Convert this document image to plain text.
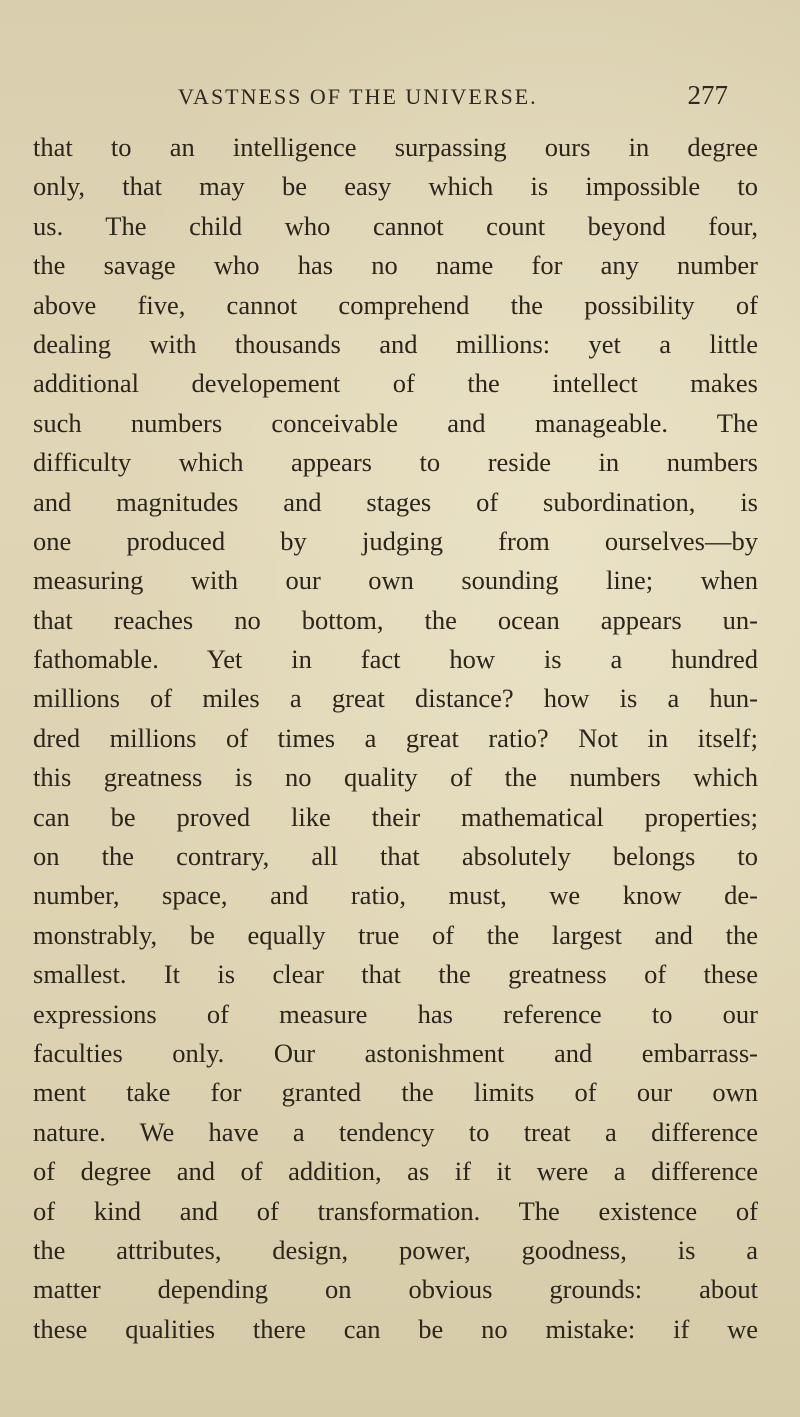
VASTNESS OF THE UNIVERSE.	277
that to an intelligence surpassing ours in degree
only, that may be easy which is impossible to
us. The child who cannot count beyond four,
the savage who has no name for any number
above five, cannot comprehend the possibility of
dealing with thousands and millions: yet a little
additional developement of the intellect makes
such numbers conceivable and manageable. The
difficulty which appears to reside in numbers
and magnitudes and stages of subordination, is
one produced by judging from ourselves—by
measuring with our own sounding line; when
that reaches no bottom, the ocean appears un-
fathomable. Yet in fact how is a hundred
millions of miles a great distance? how is a hun-
dred millions of times a great ratio? Not in itself;
this greatness is no quality of the numbers which
can be proved like their mathematical properties;
on the contrary, all that absolutely belongs to
number, space, and ratio, must, we know de-
monstrably, be equally true of the largest and the
smallest. It is clear that the greatness of these
expressions of measure has reference to our
faculties only. Our astonishment and embarrass-
ment take for granted the limits of our own
nature. We have a tendency to treat a difference
of degree and of addition, as if it were a difference
of kind and of transformation. The existence of
the attributes, design, power, goodness, is a
matter depending on obvious grounds: about
these qualities there can be no mistake: if we
